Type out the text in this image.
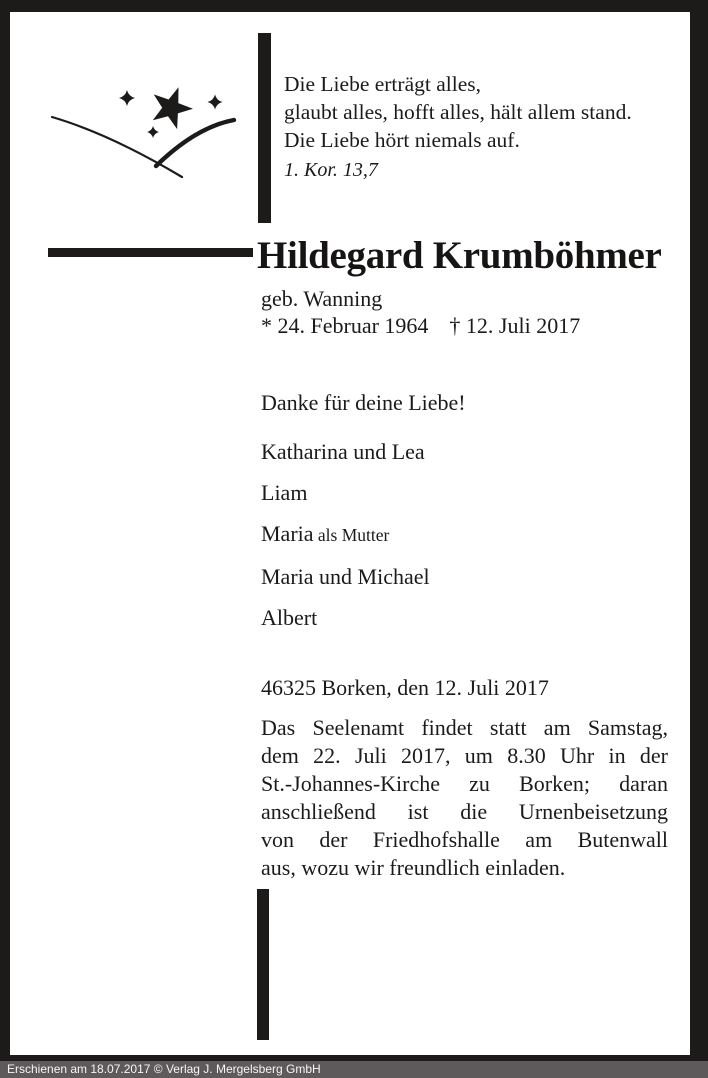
Die Liebe erträgt alles,
glaubt alles, hofft alles, hält allem stand.
Die Liebe hört niemals auf.
1. Kor. 13,7
Hildegard Krumböhmer
geb. Wanning
* 24. Februar 1964 † 12. Juli 2017
Danke für deine Liebe!
Katharina und Lea
Liam
Maria als Mutter
Maria und Michael
Albert
46325 Borken, den 12. Juli 2017
Das Seelenamt findet statt am Samstag,
dem 22. Juli 2017, um 8.30 Uhr in der
St.-Johannes-Kirche zu Borken; daran
anschließend ist die Urnenbeisetzung
von der Friedhofshalle am Butenwall
aus, wozu wir freundlich einladen.
Erschienen am 18.07.2017 © Verlag J. Mergelsberg GmbH
